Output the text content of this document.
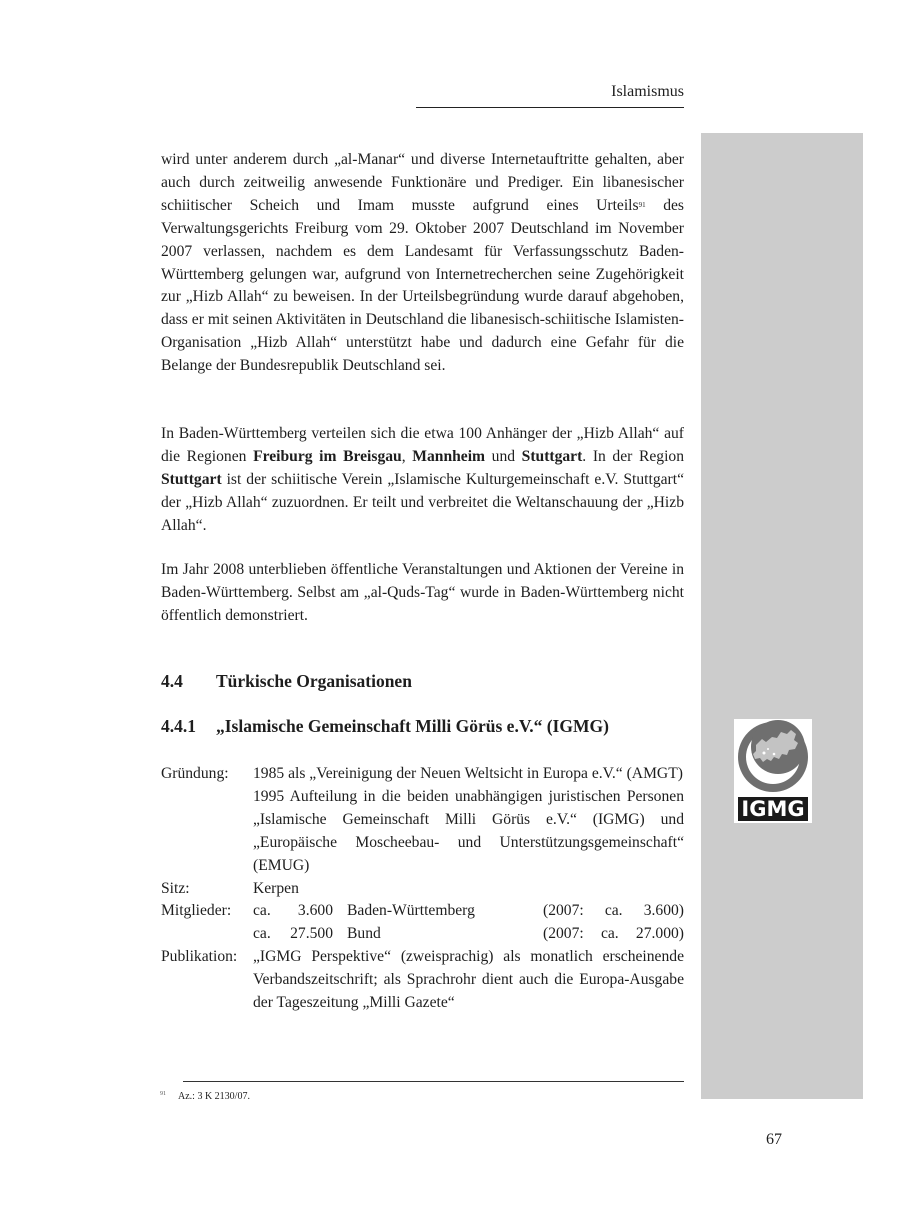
Islamismus
wird unter anderem durch „al-Manar“ und diverse Internetauftritte gehalten, aber auch durch zeitweilig anwesende Funktionäre und Prediger. Ein libanesischer schiitischer Scheich und Imam musste aufgrund eines Urteils$^{91}$ des Verwaltungsgerichts Freiburg vom 29. Oktober 2007 Deutschland im November 2007 verlassen, nachdem es dem Landesamt für Verfassungsschutz Baden-Württemberg gelungen war, aufgrund von Internetrecherchen seine Zugehörigkeit zur „Hizb Allah“ zu beweisen. In der Urteilsbegründung wurde darauf abgehoben, dass er mit seinen Aktivitäten in Deutschland die libanesisch-schiitische Islamisten-Organisation „Hizb Allah“ unterstützt habe und dadurch eine Gefahr für die Belange der Bundesrepublik Deutschland sei.
In Baden-Württemberg verteilen sich die etwa 100 Anhänger der „Hizb Allah“ auf die Regionen Freiburg im Breisgau, Mannheim und Stuttgart. In der Region Stuttgart ist der schiitische Verein „Islamische Kulturgemeinschaft e.V. Stuttgart“ der „Hizb Allah“ zuzuordnen. Er teilt und verbreitet die Weltanschauung der „Hizb Allah“.
Im Jahr 2008 unterblieben öffentliche Veranstaltungen und Aktionen der Vereine in Baden-Württemberg. Selbst am „al-Quds-Tag“ wurde in Baden-Württemberg nicht öffentlich demonstriert.
4.4 Türkische Organisationen
4.4.1 „Islamische Gemeinschaft Milli Görüs e.V.“ (IGMG)
Gründung:	1985 als „Vereinigung der Neuen Weltsicht in Europa e.V.“ (AMGT)
1995 Aufteilung in die beiden unabhängigen juristischen Personen „Islamische Gemeinschaft Milli Görüs e.V.“ (IGMG) und „Europäische Moscheebau- und Unterstützungsgemeinschaft“ (EMUG)
Sitz:	Kerpen
Mitglieder:	ca.	3.600 Baden-Württemberg	(2007: ca. 3.600)
ca.	27.500 Bund	(2007: ca. 27.000)
Publikation:	„IGMG Perspektive“ (zweisprachig) als monatlich erscheinende Verbandszeitschrift; als Sprachrohr dient auch die Europa-Ausgabe der Tageszeitung „Milli Gazete“
IGMG
$^{91}$ Az.: 3 K 2130/07.
67
